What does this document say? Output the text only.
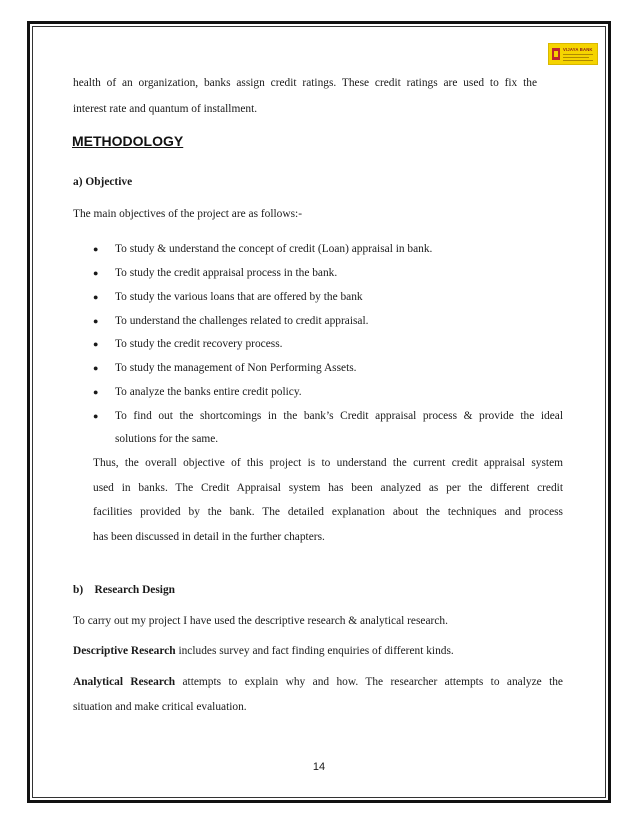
VIJAYA BANK
health of an organization, banks assign credit ratings. These credit ratings are used to fix the
interest rate and quantum of installment.
METHODOLOGY
a) Objective
The main objectives of the project are as follows:-
● To study & understand the concept of credit (Loan) appraisal in bank.
● To study the credit appraisal process in the bank.
● To study the various loans that are offered by the bank
● To understand the challenges related to credit appraisal.
● To study the credit recovery process.
● To study the management of Non Performing Assets.
● To analyze the banks entire credit policy.
● To find out the shortcomings in the bank’s Credit appraisal process & provide the ideal
solutions for the same.
Thus, the overall objective of this project is to understand the current credit appraisal system
used in banks. The Credit Appraisal system has been analyzed as per the different credit
facilities provided by the bank. The detailed explanation about the techniques and process
has been discussed in detail in the further chapters.
b)    Research Design
To carry out my project I have used the descriptive research & analytical research.
Descriptive Research includes survey and fact finding enquiries of different kinds.
Analytical Research attempts to explain why and how. The researcher attempts to analyze the
situation and make critical evaluation.
14
